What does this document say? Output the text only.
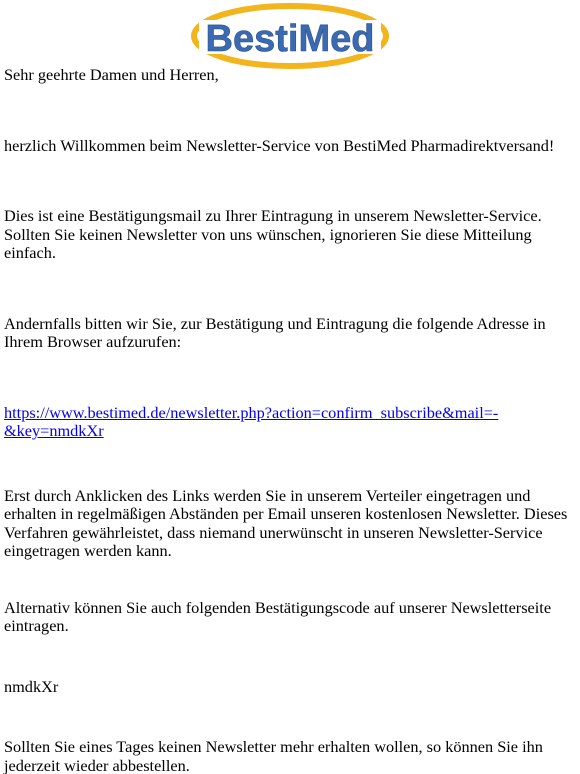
BestiMed

Sehr geehrte Damen und Herren,

herzlich Willkommen beim Newsletter-Service von BestiMed Pharmadirektversand!

Dies ist eine Bestätigungsmail zu Ihrer Eintragung in unserem Newsletter-Service. Sollten Sie keinen Newsletter von uns wünschen, ignorieren Sie diese Mitteilung einfach.

Andernfalls bitten wir Sie, zur Bestätigung und Eintragung die folgende Adresse in Ihrem Browser aufzurufen:

https://www.bestimed.de/newsletter.php?action=confirm_subscribe&mail=-&key=nmdkXr

Erst durch Anklicken des Links werden Sie in unserem Verteiler eingetragen und erhalten in regelmäßigen Abständen per Email unseren kostenlosen Newsletter. Dieses Verfahren gewährleistet, dass niemand unerwünscht in unseren Newsletter-Service eingetragen werden kann.

Alternativ können Sie auch folgenden Bestätigungscode auf unserer Newsletterseite eintragen.

nmdkXr

Sollten Sie eines Tages keinen Newsletter mehr erhalten wollen, so können Sie ihn jederzeit wieder abbestellen.
